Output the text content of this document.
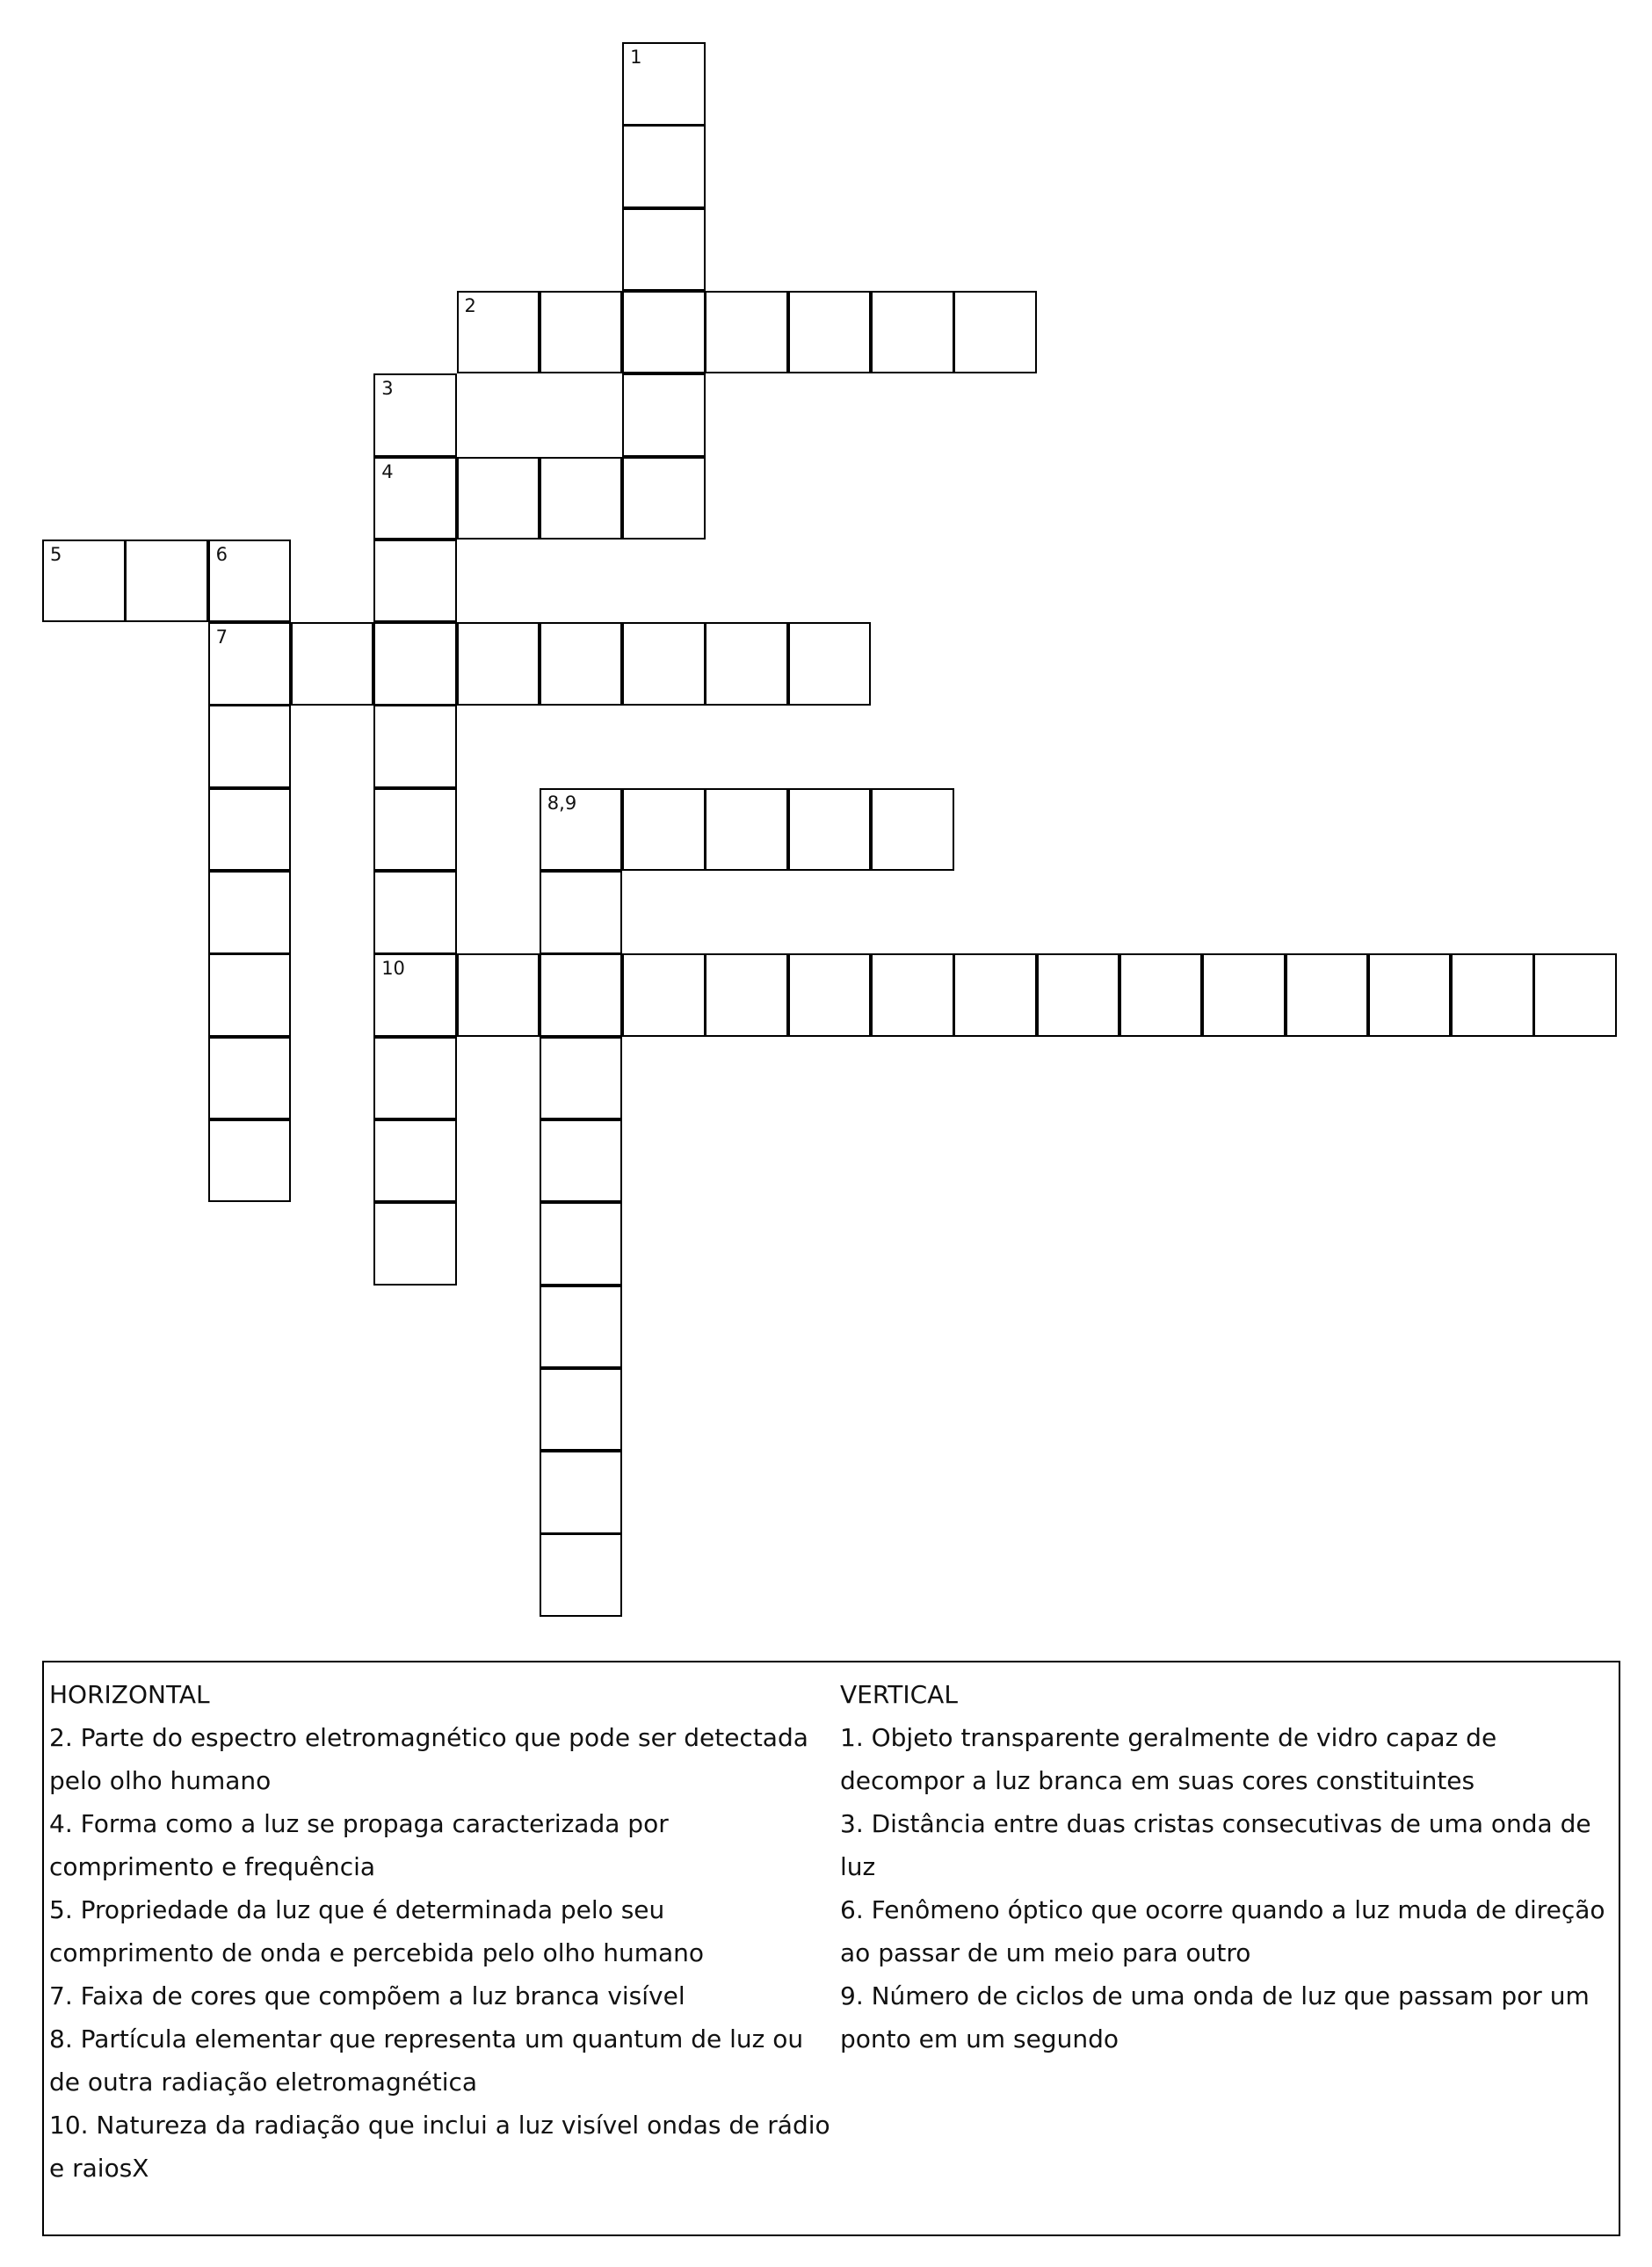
1
2
3
4
5	6
7
8,9
10
HORIZONTAL
2. Parte do espectro eletromagnético que pode ser detectada pelo olho humano
4. Forma como a luz se propaga caracterizada por comprimento e frequência
5. Propriedade da luz que é determinada pelo seu comprimento de onda e percebida pelo olho humano
7. Faixa de cores que compõem a luz branca visível
8. Partícula elementar que representa um quantum de luz ou de outra radiação eletromagnética
10. Natureza da radiação que inclui a luz visível ondas de rádio e raiosX
VERTICAL
1. Objeto transparente geralmente de vidro capaz de decompor a luz branca em suas cores constituintes
3. Distância entre duas cristas consecutivas de uma onda de luz
6. Fenômeno óptico que ocorre quando a luz muda de direção ao passar de um meio para outro
9. Número de ciclos de uma onda de luz que passam por um ponto em um segundo
